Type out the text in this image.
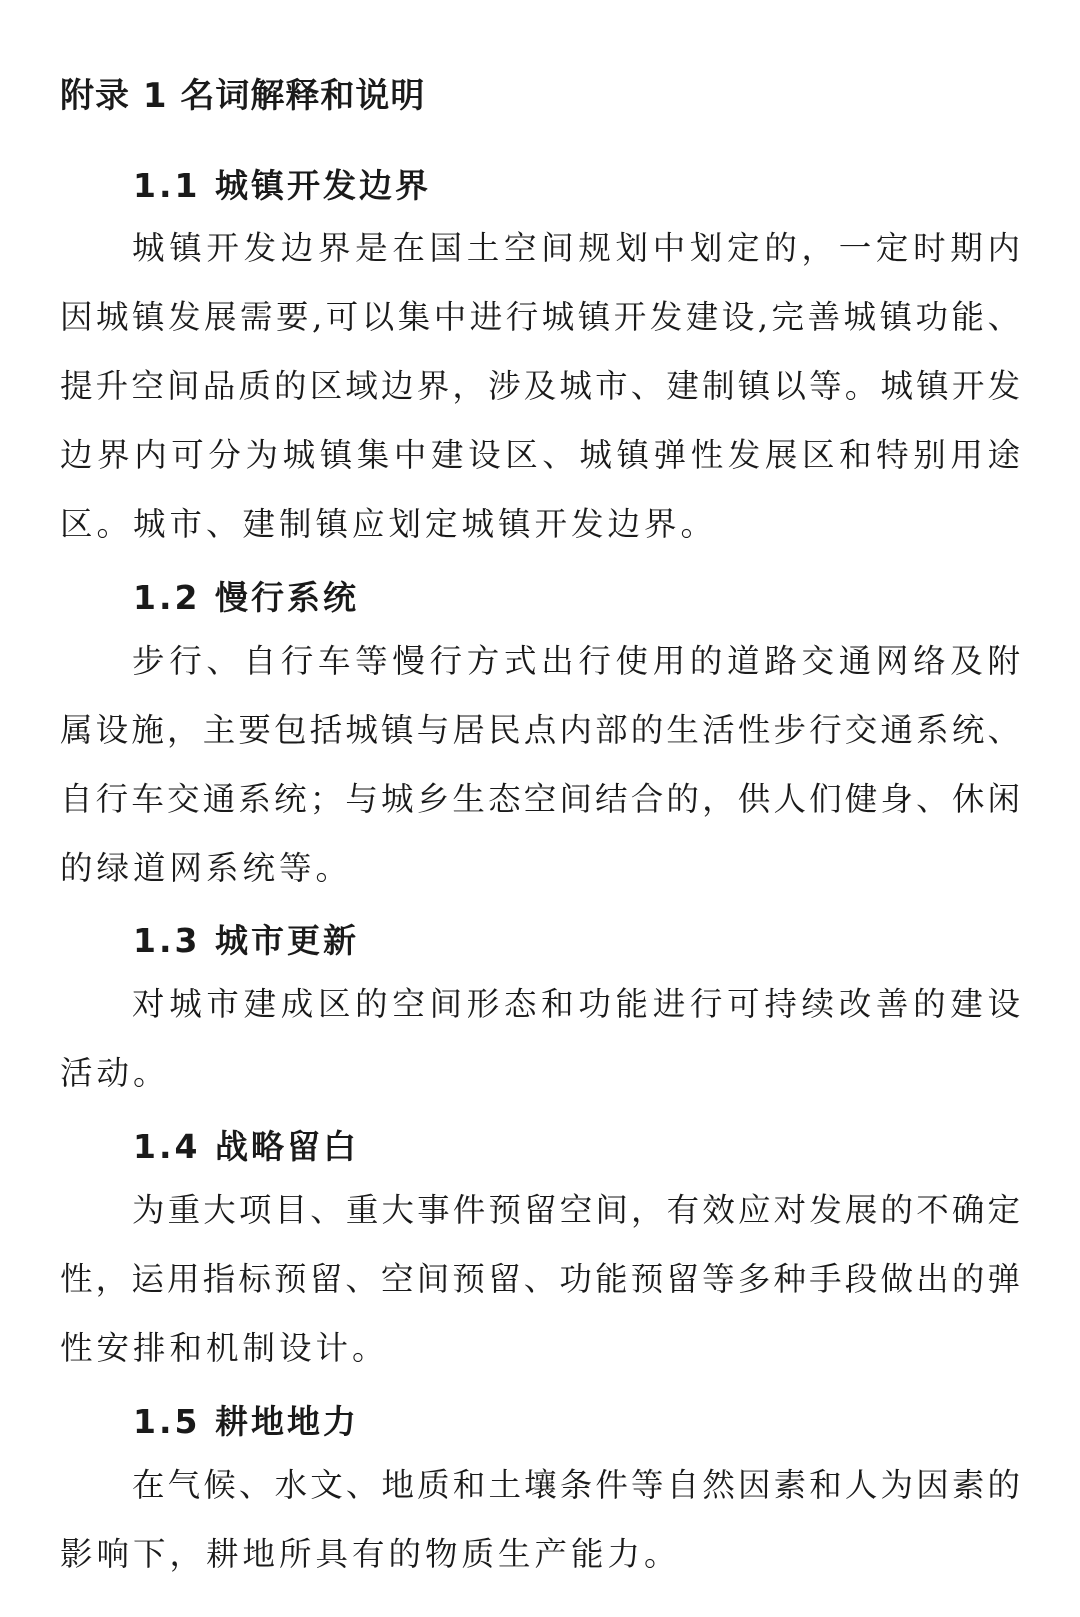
附录 1 名词解释和说明
1.1 城镇开发边界
城镇开发边界是在国土空间规划中划定的，一定时期内
因城镇发展需要,可以集中进行城镇开发建设,完善城镇功能、
提升空间品质的区域边界，涉及城市、建制镇以等。城镇开发
边界内可分为城镇集中建设区、城镇弹性发展区和特别用途
区。城市、建制镇应划定城镇开发边界。
1.2 慢行系统
步行、自行车等慢行方式出行使用的道路交通网络及附
属设施，主要包括城镇与居民点内部的生活性步行交通系统、
自行车交通系统；与城乡生态空间结合的，供人们健身、休闲
的绿道网系统等。
1.3 城市更新
对城市建成区的空间形态和功能进行可持续改善的建设
活动。
1.4 战略留白
为重大项目、重大事件预留空间，有效应对发展的不确定
性，运用指标预留、空间预留、功能预留等多种手段做出的弹
性安排和机制设计。
1.5 耕地地力
在气候、水文、地质和土壤条件等自然因素和人为因素的
影响下，耕地所具有的物质生产能力。
